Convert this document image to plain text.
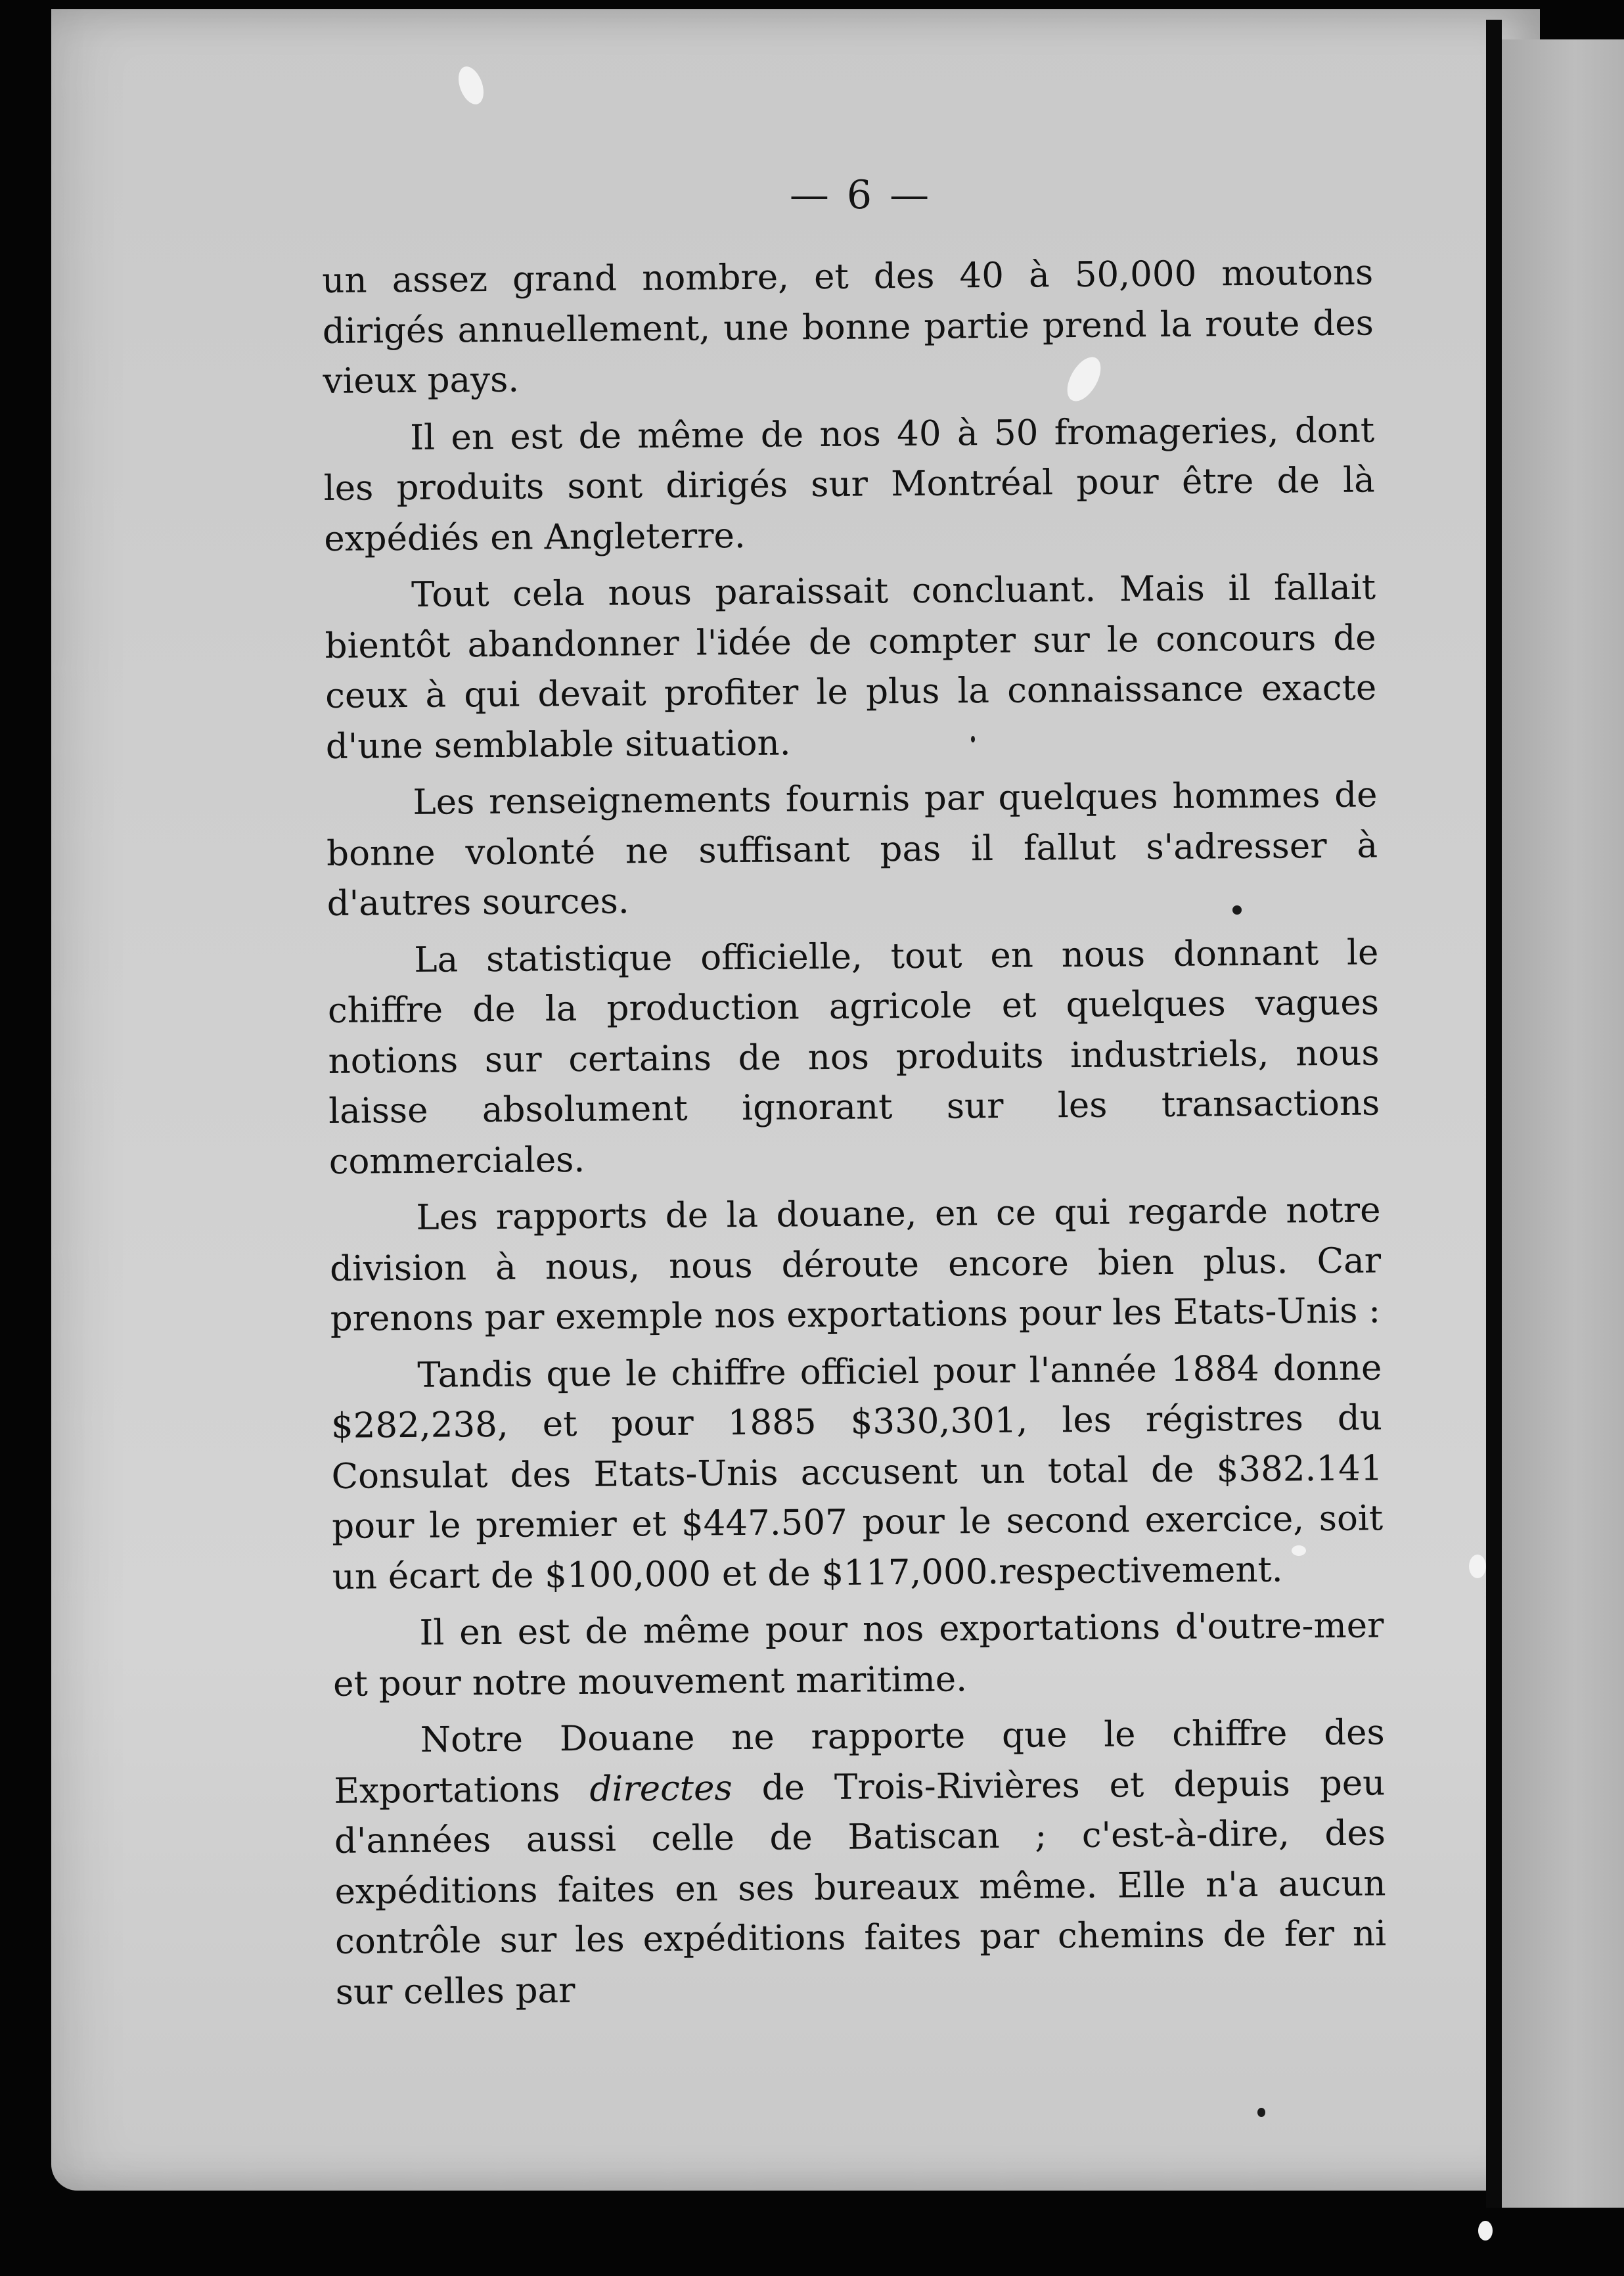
— 6 —

un assez grand nombre, et des 40 à 50,000 moutons dirigés annuellement, une bonne partie prend la route des vieux pays.

Il en est de même de nos 40 à 50 fromageries, dont les produits sont dirigés sur Montréal pour être de là expédiés en Angleterre.

Tout cela nous paraissait concluant. Mais il fallait bientôt abandonner l'idée de compter sur le concours de ceux à qui devait profiter le plus la connaissance exacte d'une semblable situation.

Les renseignements fournis par quelques hommes de bonne volonté ne suffisant pas il fallut s'adresser à d'autres sources.

La statistique officielle, tout en nous donnant le chiffre de la production agricole et quelques vagues notions sur certains de nos produits industriels, nous laisse absolument ignorant sur les transactions commerciales.

Les rapports de la douane, en ce qui regarde notre division à nous, nous déroute encore bien plus. Car prenons par exemple nos exportations pour les Etats-Unis :

Tandis que le chiffre officiel pour l'année 1884 donne $282,238, et pour 1885 $330,301, les régistres du Consulat des Etats-Unis accusent un total de $382.141 pour le premier et $447.507 pour le second exercice, soit un écart de $100,000 et de $117,000.respectivement.

Il en est de même pour nos exportations d'outre-mer et pour notre mouvement maritime.

Notre Douane ne rapporte que le chiffre des Exportations directes de Trois-Rivières et depuis peu d'années aussi celle de Batiscan ; c'est-à-dire, des expéditions faites en ses bureaux même. Elle n'a aucun contrôle sur les expéditions faites par chemins de fer ni sur celles par
